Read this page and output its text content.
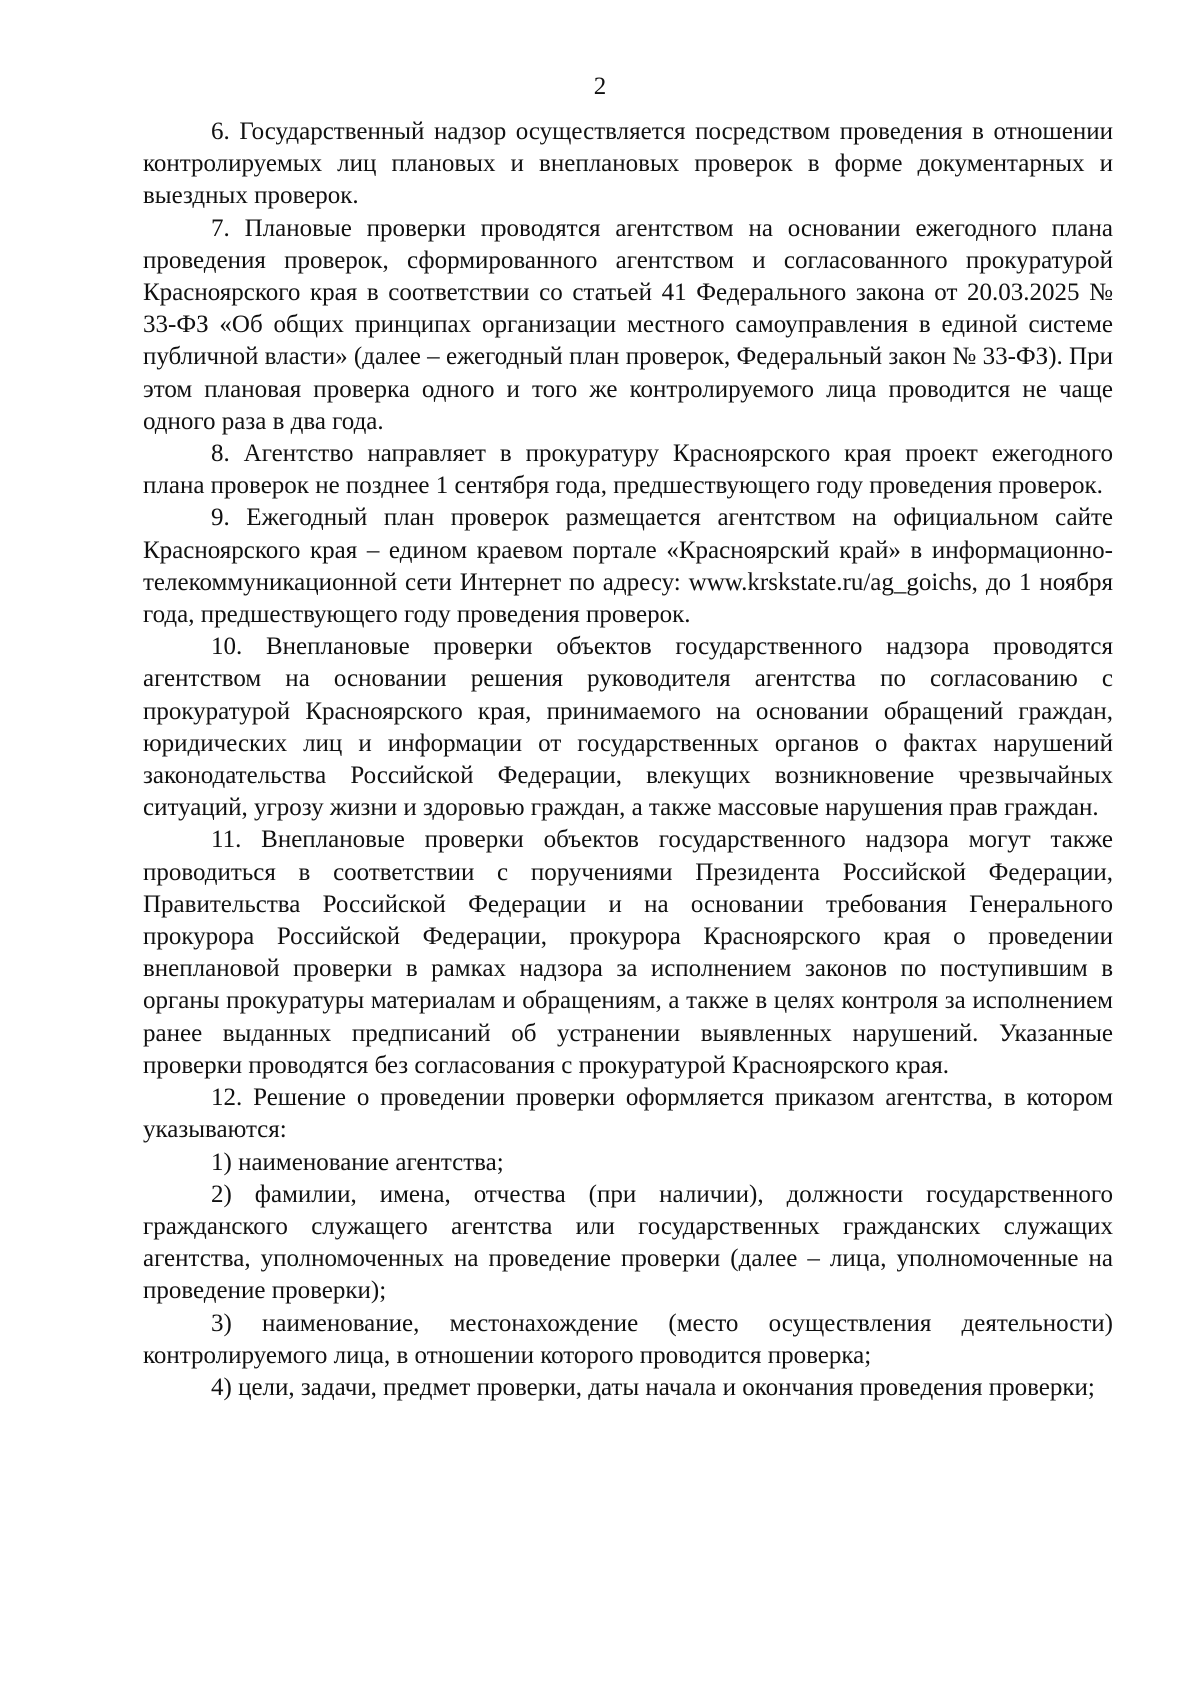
2

6. Государственный надзор осуществляется посредством проведения в отношении контролируемых лиц плановых и внеплановых проверок в форме документарных и выездных проверок.

7. Плановые проверки проводятся агентством на основании ежегодного плана проведения проверок, сформированного агентством и согласованного прокуратурой Красноярского края в соответствии со статьей 41 Федерального закона от 20.03.2025 № 33-ФЗ «Об общих принципах организации местного самоуправления в единой системе публичной власти» (далее – ежегодный план проверок, Федеральный закон № 33-ФЗ). При этом плановая проверка одного и того же контролируемого лица проводится не чаще одного раза в два года.

8. Агентство направляет в прокуратуру Красноярского края проект ежегодного плана проверок не позднее 1 сентября года, предшествующего году проведения проверок.

9. Ежегодный план проверок размещается агентством на официальном сайте Красноярского края – едином краевом портале «Красноярский край» в информационно-телекоммуникационной сети Интернет по адресу: www.krskstate.ru/ag_goichs, до 1 ноября года, предшествующего году проведения проверок.

10. Внеплановые проверки объектов государственного надзора проводятся агентством на основании решения руководителя агентства по согласованию с прокуратурой Красноярского края, принимаемого на основании обращений граждан, юридических лиц и информации от государственных органов о фактах нарушений законодательства Российской Федерации, влекущих возникновение чрезвычайных ситуаций, угрозу жизни и здоровью граждан, а также массовые нарушения прав граждан.

11. Внеплановые проверки объектов государственного надзора могут также проводиться в соответствии с поручениями Президента Российской Федерации, Правительства Российской Федерации и на основании требования Генерального прокурора Российской Федерации, прокурора Красноярского края о проведении внеплановой проверки в рамках надзора за исполнением законов по поступившим в органы прокуратуры материалам и обращениям, а также в целях контроля за исполнением ранее выданных предписаний об устранении выявленных нарушений. Указанные проверки проводятся без согласования с прокуратурой Красноярского края.

12. Решение о проведении проверки оформляется приказом агентства, в котором указываются:

1) наименование агентства;

2) фамилии, имена, отчества (при наличии), должности государственного гражданского служащего агентства или государственных гражданских служащих агентства, уполномоченных на проведение проверки (далее – лица, уполномоченные на проведение проверки);

3) наименование, местонахождение (место осуществления деятельности) контролируемого лица, в отношении которого проводится проверка;

4) цели, задачи, предмет проверки, даты начала и окончания проведения проверки;
